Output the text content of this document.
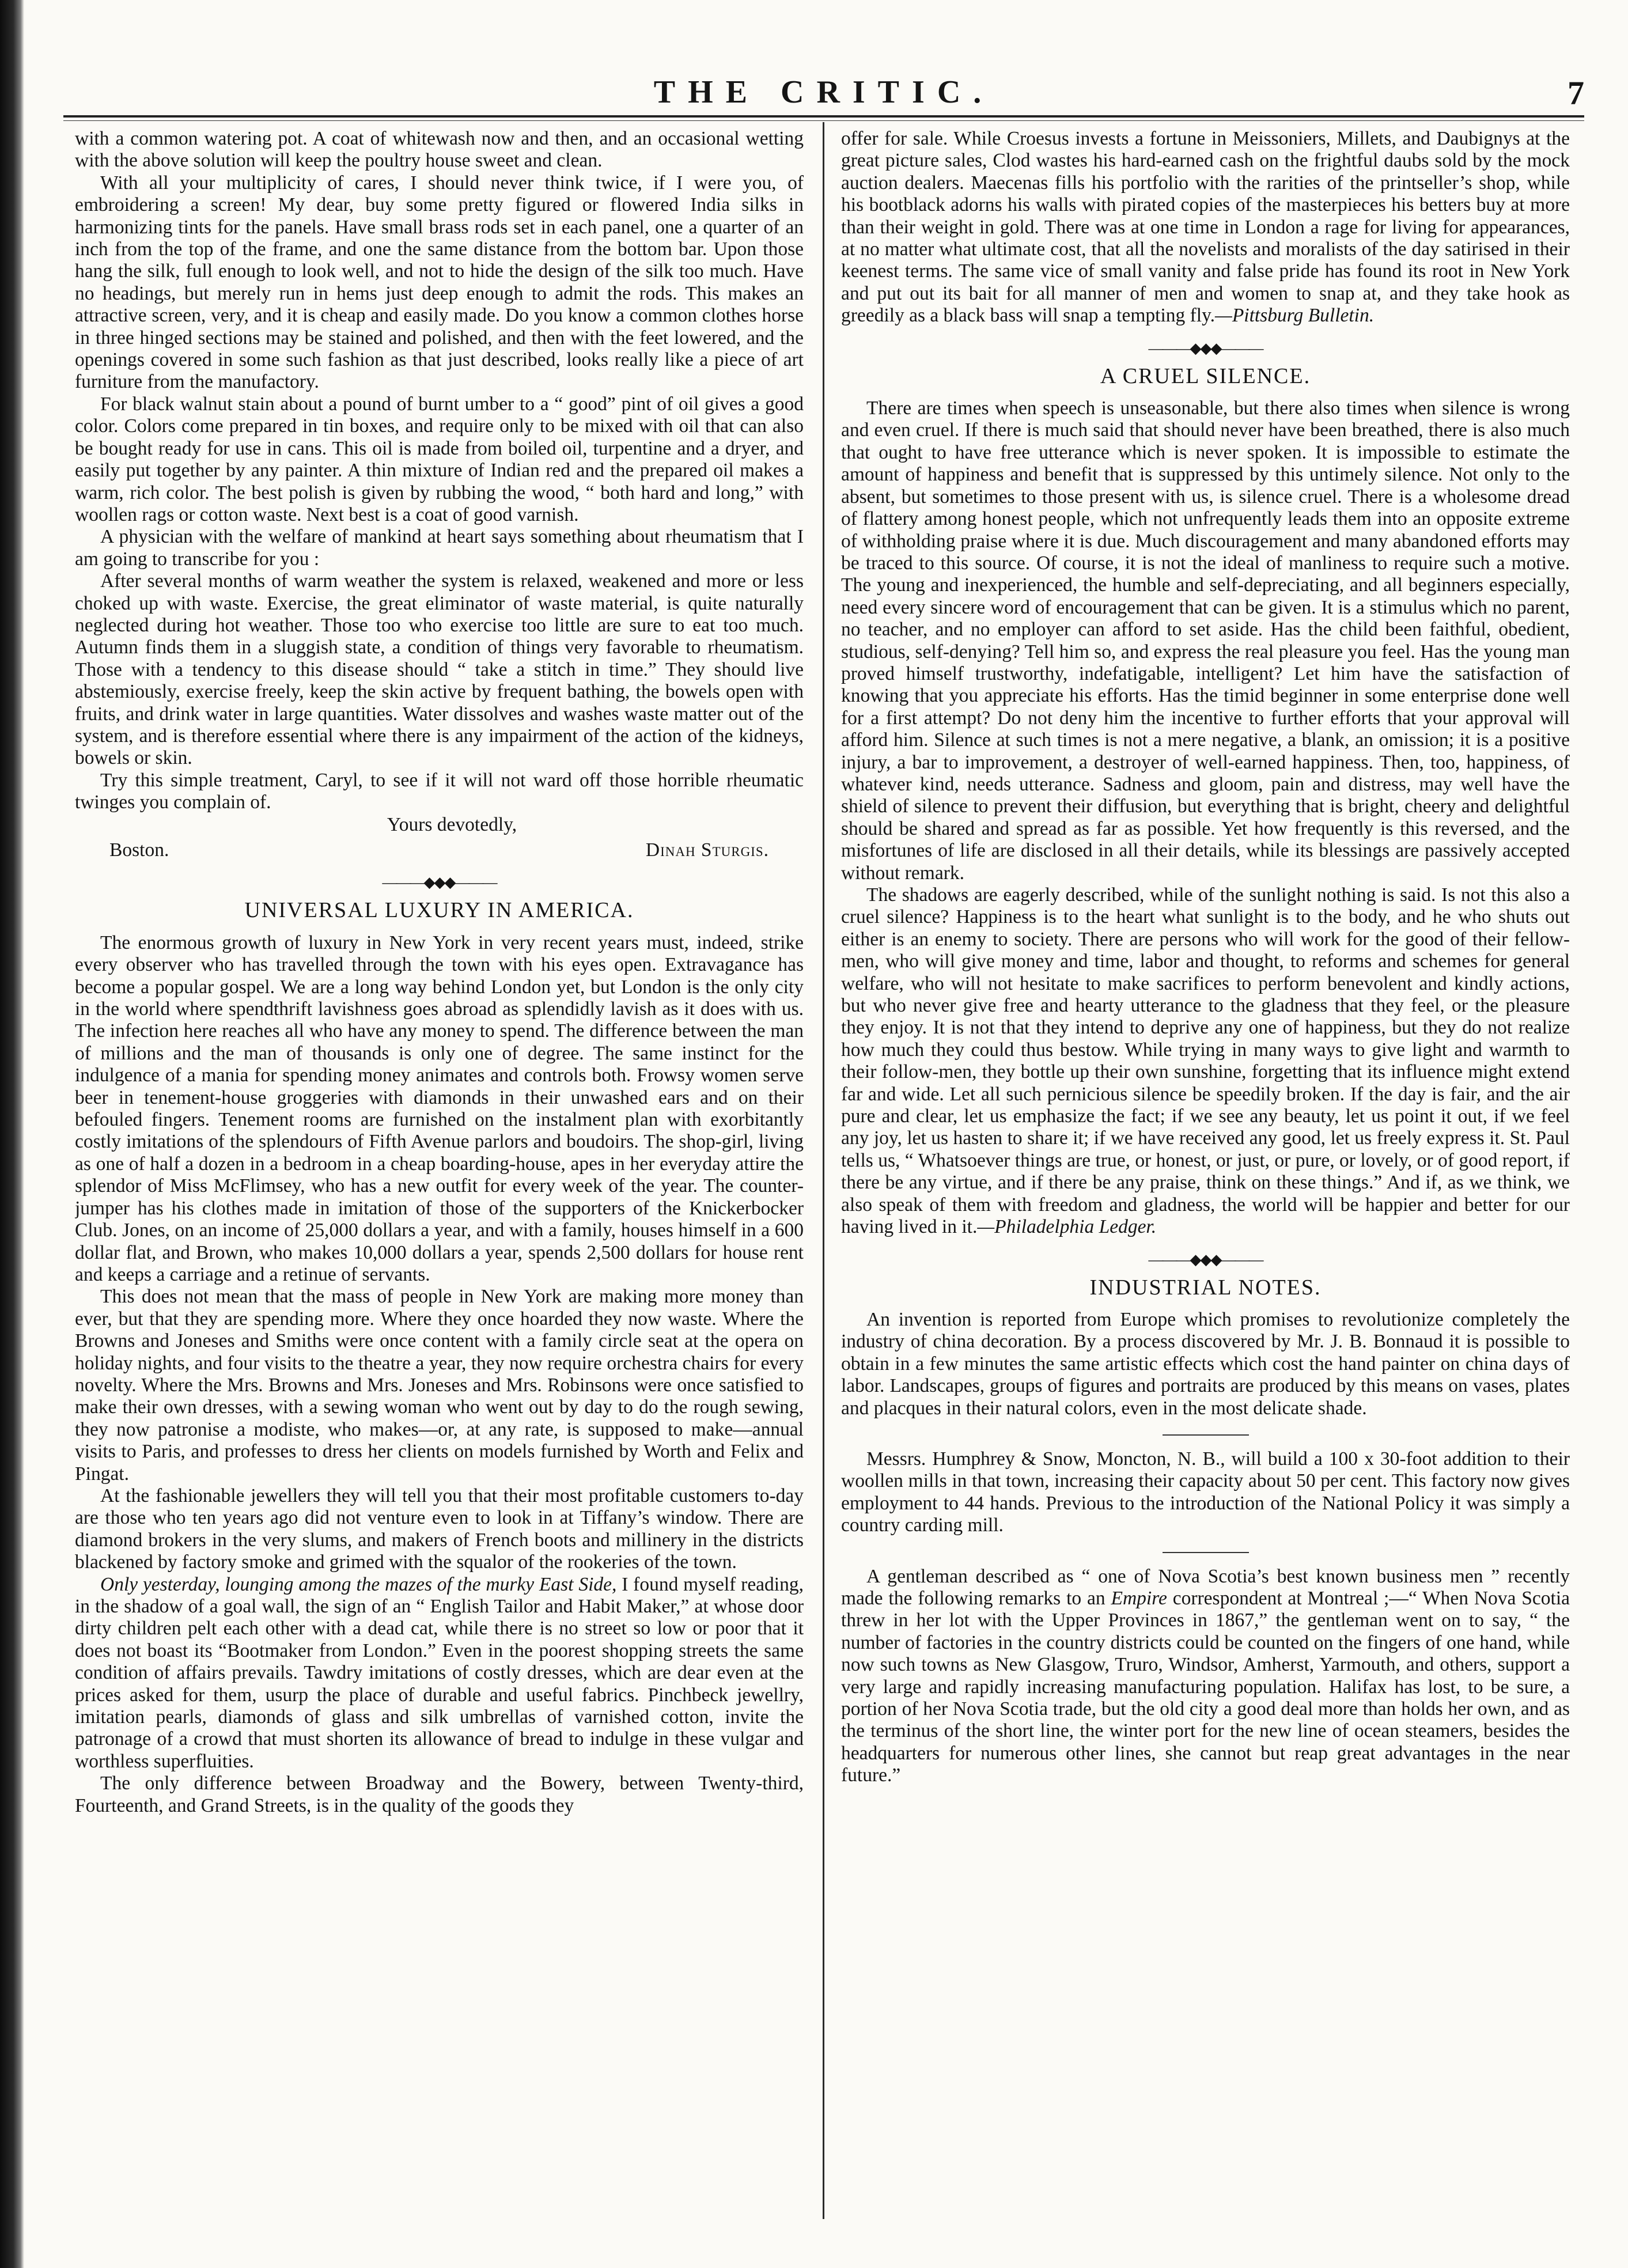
THE CRITIC.	7

with a common watering pot. A coat of whitewash now and then, and an occasional wetting with the above solution will keep the poultry house sweet and clean.

With all your multiplicity of cares, I should never think twice, if I were you, of embroidering a screen! My dear, buy some pretty figured or flowered India silks in harmonizing tints for the panels. Have small brass rods set in each panel, one a quarter of an inch from the top of the frame, and one the same distance from the bottom bar. Upon those hang the silk, full enough to look well, and not to hide the design of the silk too much. Have no headings, but merely run in hems just deep enough to admit the rods. This makes an attractive screen, very, and it is cheap and easily made. Do you know a common clothes horse in three hinged sections may be stained and polished, and then with the feet lowered, and the openings covered in some such fashion as that just described, looks really like a piece of art furniture from the manufactory.

For black walnut stain about a pound of burnt umber to a “ good” pint of oil gives a good color. Colors come prepared in tin boxes, and require only to be mixed with oil that can also be bought ready for use in cans. This oil is made from boiled oil, turpentine and a dryer, and easily put together by any painter. A thin mixture of Indian red and the prepared oil makes a warm, rich color. The best polish is given by rubbing the wood, “ both hard and long,” with woollen rags or cotton waste. Next best is a coat of good varnish.

A physician with the welfare of mankind at heart says something about rheumatism that I am going to transcribe for you :

After several months of warm weather the system is relaxed, weakened and more or less choked up with waste. Exercise, the great eliminator of waste material, is quite naturally neglected during hot weather. Those too who exercise too little are sure to eat too much. Autumn finds them in a sluggish state, a condition of things very favorable to rheumatism. Those with a tendency to this disease should “ take a stitch in time.” They should live abstemiously, exercise freely, keep the skin active by frequent bathing, the bowels open with fruits, and drink water in large quantities. Water dissolves and washes waste matter out of the system, and is therefore essential where there is any impairment of the action of the kidneys, bowels or skin.

Try this simple treatment, Caryl, to see if it will not ward off those horrible rheumatic twinges you complain of.

Yours devotedly,

Boston.	Dinah Sturgis.
———◆◆◆———
UNIVERSAL LUXURY IN AMERICA.

The enormous growth of luxury in New York in very recent years must, indeed, strike every observer who has travelled through the town with his eyes open. Extravagance has become a popular gospel. We are a long way behind London yet, but London is the only city in the world where spendthrift lavishness goes abroad as splendidly lavish as it does with us. The infection here reaches all who have any money to spend. The difference between the man of millions and the man of thousands is only one of degree. The same instinct for the indulgence of a mania for spending money animates and controls both. Frowsy women serve beer in tenement-house groggeries with diamonds in their unwashed ears and on their befouled fingers. Tenement rooms are furnished on the instalment plan with exorbitantly costly imitations of the splendours of Fifth Avenue parlors and boudoirs. The shop-girl, living as one of half a dozen in a bedroom in a cheap boarding-house, apes in her everyday attire the splendor of Miss McFlimsey, who has a new outfit for every week of the year. The counter-jumper has his clothes made in imitation of those of the supporters of the Knickerbocker Club. Jones, on an income of 25,000 dollars a year, and with a family, houses himself in a 600 dollar flat, and Brown, who makes 10,000 dollars a year, spends 2,500 dollars for house rent and keeps a carriage and a retinue of servants.

This does not mean that the mass of people in New York are making more money than ever, but that they are spending more. Where they once hoarded they now waste. Where the Browns and Joneses and Smiths were once content with a family circle seat at the opera on holiday nights, and four visits to the theatre a year, they now require orchestra chairs for every novelty. Where the Mrs. Browns and Mrs. Joneses and Mrs. Robinsons were once satisfied to make their own dresses, with a sewing woman who went out by day to do the rough sewing, they now patronise a modiste, who makes—or, at any rate, is supposed to make—annual visits to Paris, and professes to dress her clients on models furnished by Worth and Felix and Pingat.

At the fashionable jewellers they will tell you that their most profitable customers to-day are those who ten years ago did not venture even to look in at Tiffany’s window. There are diamond brokers in the very slums, and makers of French boots and millinery in the districts blackened by factory smoke and grimed with the squalor of the rookeries of the town.

Only yesterday, lounging among the mazes of the murky East Side, I found myself reading, in the shadow of a goal wall, the sign of an “ English Tailor and Habit Maker,” at whose door dirty children pelt each other with a dead cat, while there is no street so low or poor that it does not boast its “Bootmaker from London.” Even in the poorest shopping streets the same condition of affairs prevails. Tawdry imitations of costly dresses, which are dear even at the prices asked for them, usurp the place of durable and useful fabrics. Pinchbeck jewellry, imitation pearls, diamonds of glass and silk umbrellas of varnished cotton, invite the patronage of a crowd that must shorten its allowance of bread to indulge in these vulgar and worthless superfluities.

The only difference between Broadway and the Bowery, between Twenty-third, Fourteenth, and Grand Streets, is in the quality of the goods they

offer for sale. While Croesus invests a fortune in Meissoniers, Millets, and Daubignys at the great picture sales, Clod wastes his hard-earned cash on the frightful daubs sold by the mock auction dealers. Maecenas fills his portfolio with the rarities of the printseller’s shop, while his bootblack adorns his walls with pirated copies of the masterpieces his betters buy at more than their weight in gold. There was at one time in London a rage for living for appearances, at no matter what ultimate cost, that all the novelists and moralists of the day satirised in their keenest terms. The same vice of small vanity and false pride has found its root in New York and put out its bait for all manner of men and women to snap at, and they take hook as greedily as a black bass will snap a tempting fly.—Pittsburg Bulletin.

———◆◆◆———
A CRUEL SILENCE.

There are times when speech is unseasonable, but there also times when silence is wrong and even cruel. If there is much said that should never have been breathed, there is also much that ought to have free utterance which is never spoken. It is impossible to estimate the amount of happiness and benefit that is suppressed by this untimely silence. Not only to the absent, but sometimes to those present with us, is silence cruel. There is a wholesome dread of flattery among honest people, which not unfrequently leads them into an opposite extreme of withholding praise where it is due. Much discouragement and many abandoned efforts may be traced to this source. Of course, it is not the ideal of manliness to require such a motive. The young and inexperienced, the humble and self-depreciating, and all beginners especially, need every sincere word of encouragement that can be given. It is a stimulus which no parent, no teacher, and no employer can afford to set aside. Has the child been faithful, obedient, studious, self-denying? Tell him so, and express the real pleasure you feel. Has the young man proved himself trustworthy, indefatigable, intelligent? Let him have the satisfaction of knowing that you appreciate his efforts. Has the timid beginner in some enterprise done well for a first attempt? Do not deny him the incentive to further efforts that your approval will afford him. Silence at such times is not a mere negative, a blank, an omission; it is a positive injury, a bar to improvement, a destroyer of well-earned happiness. Then, too, happiness, of whatever kind, needs utterance. Sadness and gloom, pain and distress, may well have the shield of silence to prevent their diffusion, but everything that is bright, cheery and delightful should be shared and spread as far as possible. Yet how frequently is this reversed, and the misfortunes of life are disclosed in all their details, while its blessings are passively accepted without remark.

The shadows are eagerly described, while of the sunlight nothing is said. Is not this also a cruel silence? Happiness is to the heart what sunlight is to the body, and he who shuts out either is an enemy to society. There are persons who will work for the good of their fellow-men, who will give money and time, labor and thought, to reforms and schemes for general welfare, who will not hesitate to make sacrifices to perform benevolent and kindly actions, but who never give free and hearty utterance to the gladness that they feel, or the pleasure they enjoy. It is not that they intend to deprive any one of happiness, but they do not realize how much they could thus bestow. While trying in many ways to give light and warmth to their follow-men, they bottle up their own sunshine, forgetting that its influence might extend far and wide. Let all such pernicious silence be speedily broken. If the day is fair, and the air pure and clear, let us emphasize the fact; if we see any beauty, let us point it out, if we feel any joy, let us hasten to share it; if we have received any good, let us freely express it. St. Paul tells us, “ Whatsoever things are true, or honest, or just, or pure, or lovely, or of good report, if there be any virtue, and if there be any praise, think on these things.” And if, as we think, we also speak of them with freedom and gladness, the world will be happier and better for our having lived in it.—Philadelphia Ledger.

———◆◆◆———
INDUSTRIAL NOTES.

An invention is reported from Europe which promises to revolutionize completely the industry of china decoration. By a process discovered by Mr. J. B. Bonnaud it is possible to obtain in a few minutes the same artistic effects which cost the hand painter on china days of labor. Landscapes, groups of figures and portraits are produced by this means on vases, plates and placques in their natural colors, even in the most delicate shade.

Messrs. Humphrey & Snow, Moncton, N. B., will build a 100 x 30-foot addition to their woollen mills in that town, increasing their capacity about 50 per cent. This factory now gives employment to 44 hands. Previous to the introduction of the National Policy it was simply a country carding mill.

A gentleman described as “ one of Nova Scotia’s best known business men ” recently made the following remarks to an Empire correspondent at Montreal ;—“ When Nova Scotia threw in her lot with the Upper Provinces in 1867,” the gentleman went on to say, “ the number of factories in the country districts could be counted on the fingers of one hand, while now such towns as New Glasgow, Truro, Windsor, Amherst, Yarmouth, and others, support a very large and rapidly increasing manufacturing population. Halifax has lost, to be sure, a portion of her Nova Scotia trade, but the old city a good deal more than holds her own, and as the terminus of the short line, the winter port for the new line of ocean steamers, besides the headquarters for numerous other lines, she cannot but reap great advantages in the near future.”
